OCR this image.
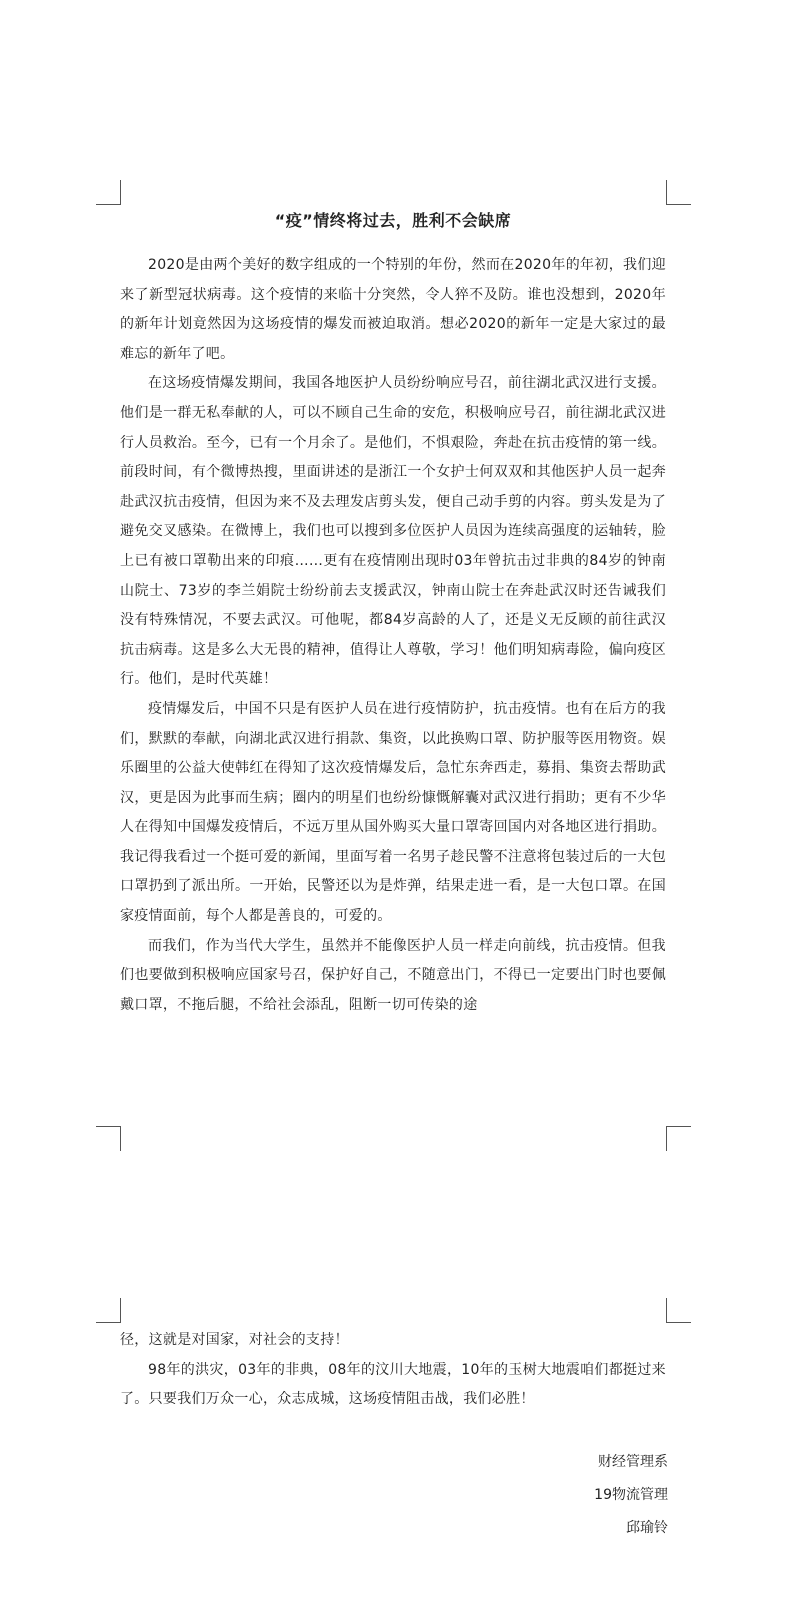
“疫”情终将过去，胜利不会缺席

2020是由两个美好的数字组成的一个特别的年份，然而在2020年的年初，我们迎来了新型冠状病毒。这个疫情的来临十分突然，令人猝不及防。谁也没想到，2020年的新年计划竟然因为这场疫情的爆发而被迫取消。想必2020的新年一定是大家过的最难忘的新年了吧。

在这场疫情爆发期间，我国各地医护人员纷纷响应号召，前往湖北武汉进行支援。他们是一群无私奉献的人，可以不顾自己生命的安危，积极响应号召，前往湖北武汉进行人员救治。至今，已有一个月余了。是他们，不惧艰险，奔赴在抗击疫情的第一线。前段时间，有个微博热搜，里面讲述的是浙江一个女护士何双双和其他医护人员一起奔赴武汉抗击疫情，但因为来不及去理发店剪头发，便自己动手剪的内容。剪头发是为了避免交叉感染。在微博上，我们也可以搜到多位医护人员因为连续高强度的运轴转，脸上已有被口罩勒出来的印痕……更有在疫情刚出现时03年曾抗击过非典的84岁的钟南山院士、73岁的李兰娟院士纷纷前去支援武汉，钟南山院士在奔赴武汉时还告诫我们没有特殊情况，不要去武汉。可他呢，都84岁高龄的人了，还是义无反顾的前往武汉抗击病毒。这是多么大无畏的精神，值得让人尊敬，学习！他们明知病毒险，偏向疫区行。他们，是时代英雄！

疫情爆发后，中国不只是有医护人员在进行疫情防护，抗击疫情。也有在后方的我们，默默的奉献，向湖北武汉进行捐款、集资，以此换购口罩、防护服等医用物资。娱乐圈里的公益大使韩红在得知了这次疫情爆发后，急忙东奔西走，募捐、集资去帮助武汉，更是因为此事而生病；圈内的明星们也纷纷慷慨解囊对武汉进行捐助；更有不少华人在得知中国爆发疫情后，不远万里从国外购买大量口罩寄回国内对各地区进行捐助。我记得我看过一个挺可爱的新闻，里面写着一名男子趁民警不注意将包装过后的一大包口罩扔到了派出所。一开始，民警还以为是炸弹，结果走进一看，是一大包口罩。在国家疫情面前，每个人都是善良的，可爱的。

而我们，作为当代大学生，虽然并不能像医护人员一样走向前线，抗击疫情。但我们也要做到积极响应国家号召，保护好自己，不随意出门，不得已一定要出门时也要佩戴口罩，不拖后腿，不给社会添乱，阻断一切可传染的途

径，这就是对国家，对社会的支持！

98年的洪灾，03年的非典，08年的汶川大地震，10年的玉树大地震咱们都挺过来了。只要我们万众一心，众志成城，这场疫情阻击战，我们必胜！

财经管理系
19物流管理
邱瑜铃
